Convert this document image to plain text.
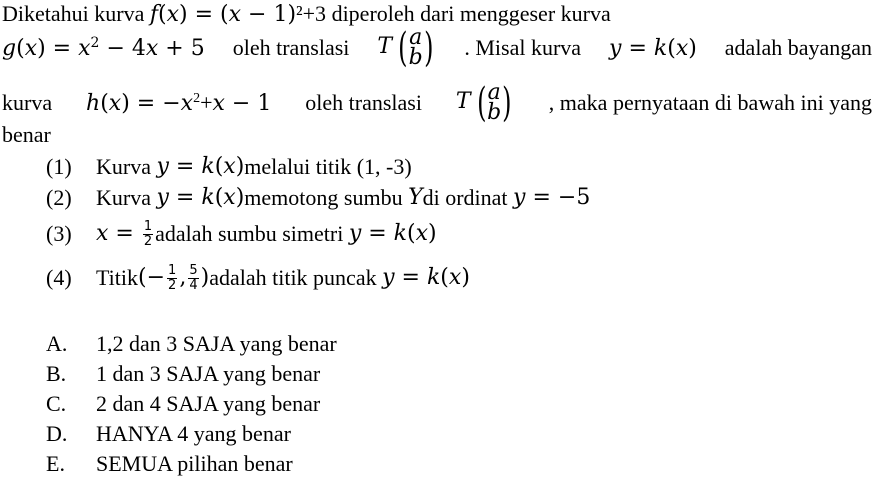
Diketahui kurva f(x) = (x − 1)²+3 diperoleh dari menggeser kurva
$g(x) = x^2 - 4x + 5$ oleh translasi T ( a
b ) . Misal kurva y = k(x) adalah bayangan
kurva $h(x) = -x^2+x - 1$ oleh translasi T ( a
b ) , maka pernyataan di bawah ini yang
benar
(1)	Kurva
y = k(x) melalui titik (1, -3)
(2)	Kurva
y = k(x) memotong sumbu
Y di ordinat
y = −5
(3)	$x = \frac{1}{2}$ adalah sumbu simetri
y = k(x)
(4)	Titik (− $\frac{1}{2}$ , $\frac{5}{4}$ ) adalah titik puncak
y = k(x)
A. 1,2 dan 3 SAJA yang benar
B. 1 dan 3 SAJA yang benar
C. 2 dan 4 SAJA yang benar
D. HANYA 4 yang benar
E. SEMUA pilihan benar
